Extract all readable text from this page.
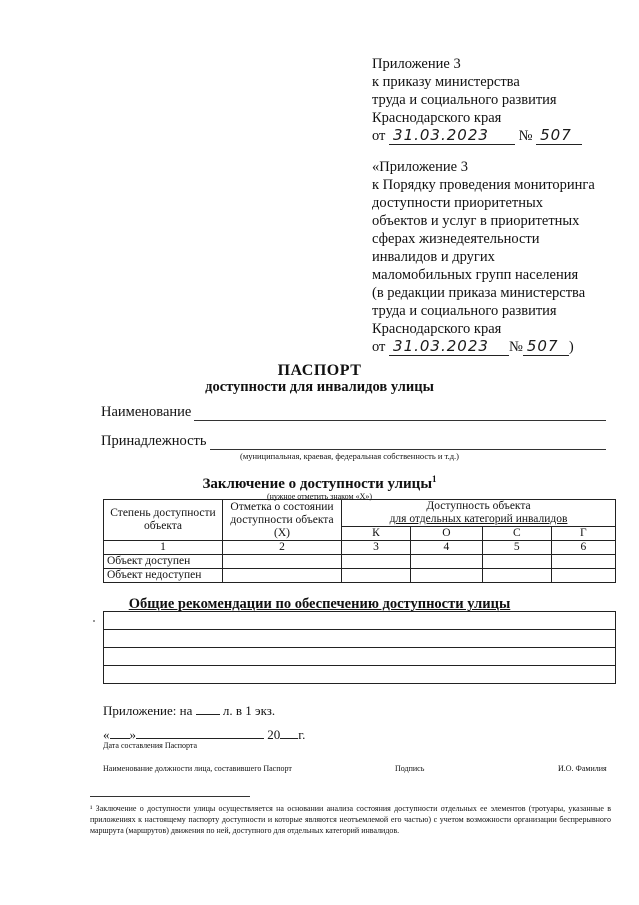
Приложение 3
к приказу министерства
труда и социального развития
Краснодарского края
от
31.03.2023
	№
507
«Приложение 3
к Порядку проведения мониторинга
доступности приоритетных
объектов и услуг в приоритетных
сферах жизнедеятельности
инвалидов и других
маломобильных групп населения
(в редакции приказа министерства
труда и социального развития
Краснодарского края
от
31.03.2023	№ 507 )
ПАСПОРТ
доступности для инвалидов улицы
Наименование
Принадлежность
(муниципальная, краевая, федеральная собственность и т.д.)
Заключение о доступности улицы$^1$
(нужное отметить знаком «Х»)
Степень доступности объекта	Отметка о состоянии доступности объекта (Х)	Доступность объекта
для отдельных категорий инвалидов			

		К	О	С	Г
1	2	3	4	5	6
Объект доступен					
Объект недоступен					
Общие рекомендации по обеспечению доступности улицы

Приложение: на л. в 1 экз.
« »	20 г.
Дата составления Паспорта
Наименование должности лица, составившего Паспорт	Подпись	И.О. Фамилия
¹ Заключение о доступности улицы осуществляется на основании анализа состояния доступности отдельных ее элементов (тротуары, указанные в приложениях к настоящему паспорту доступности и которые являются неотъемлемой его частью) с учетом возможности организации беспрерывного маршрута (маршрутов) движения по ней, доступного для отдельных категорий инвалидов.
